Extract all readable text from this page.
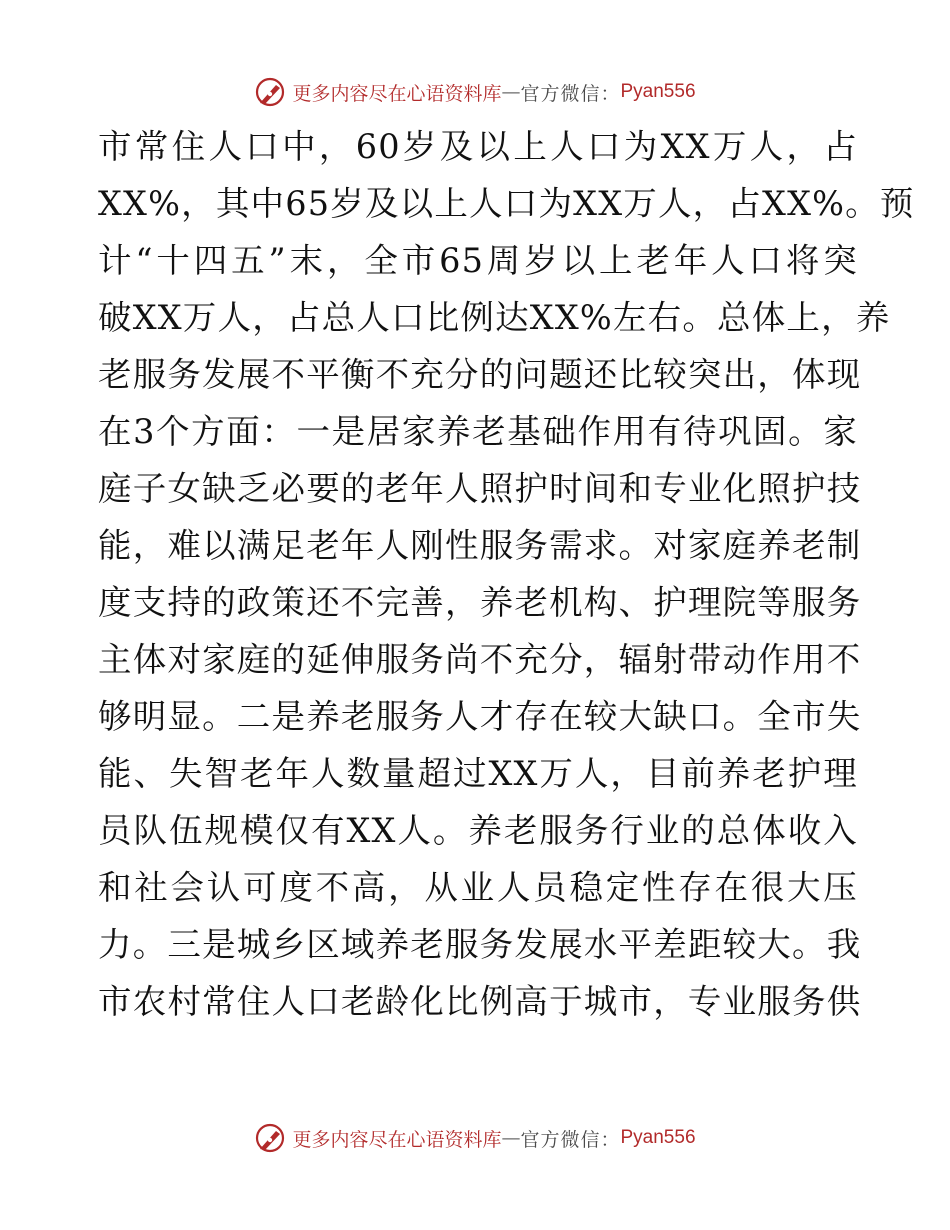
更多内容尽在心语资料库 — 官方微信： Pyan556
市常住人口中，60岁及以上人口为XX万人，占
XX%，其中65岁及以上人口为XX万人，占XX%。预
计“十四五”末，全市65周岁以上老年人口将突
破XX万人，占总人口比例达XX%左右。总体上，养
老服务发展不平衡不充分的问题还比较突出，体现
在3个方面：一是居家养老基础作用有待巩固。家
庭子女缺乏必要的老年人照护时间和专业化照护技
能，难以满足老年人刚性服务需求。对家庭养老制
度支持的政策还不完善，养老机构、护理院等服务
主体对家庭的延伸服务尚不充分，辐射带动作用不
够明显。二是养老服务人才存在较大缺口。全市失
能、失智老年人数量超过XX万人，目前养老护理
员队伍规模仅有XX人。养老服务行业的总体收入
和社会认可度不高，从业人员稳定性存在很大压
力。三是城乡区域养老服务发展水平差距较大。我
市农村常住人口老龄化比例高于城市，专业服务供
更多内容尽在心语资料库 — 官方微信： Pyan556
